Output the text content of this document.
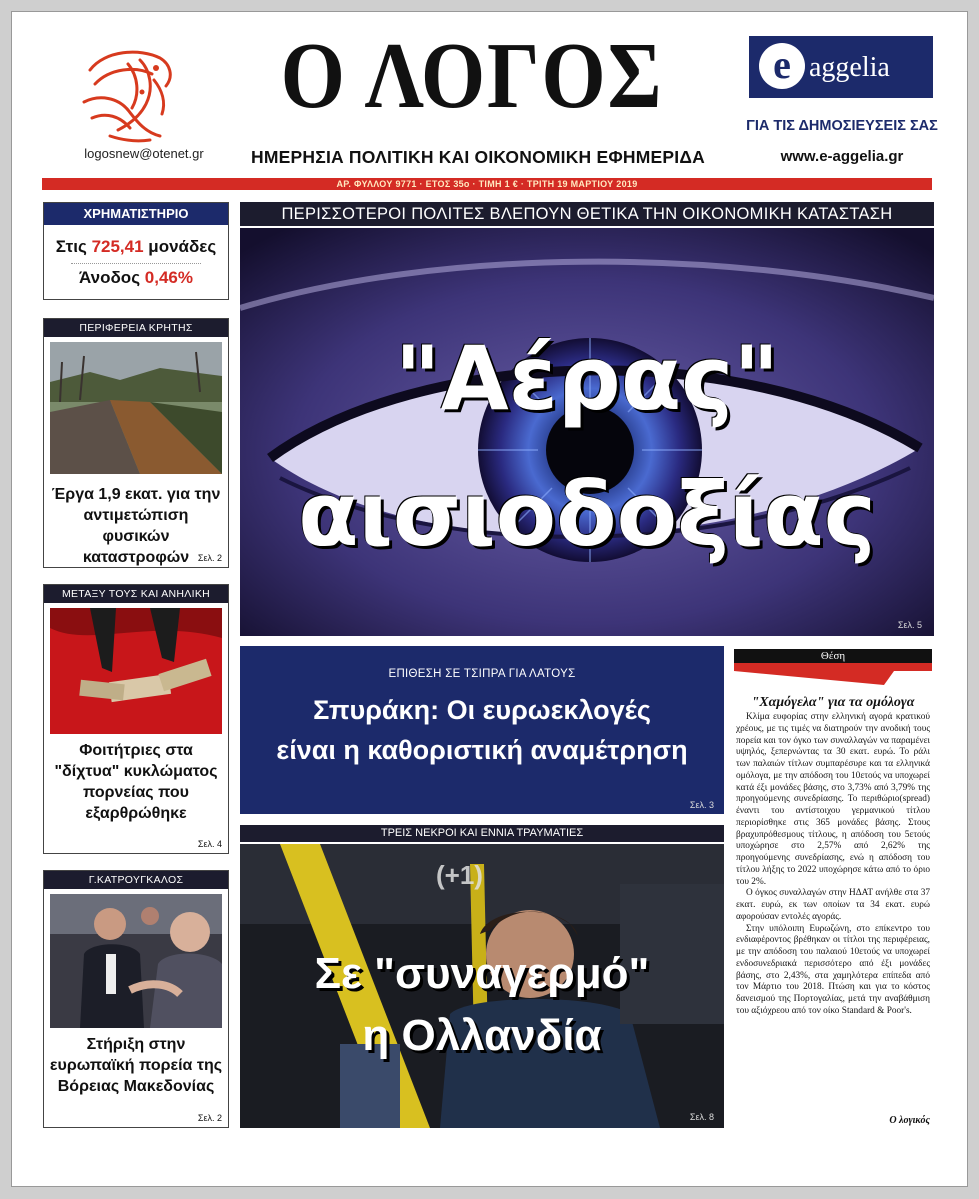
logosnew@otenet.gr
Ο ΛΟΓΟΣ
ΗΜΕΡΗΣΙΑ ΠΟΛΙΤΙΚΗ ΚΑΙ ΟΙΚΟΝΟΜΙΚΗ ΕΦΗΜΕΡΙΔΑ
e aggelia
ΓΙΑ ΤΙΣ ΔΗΜΟΣΙΕΥΣΕΙΣ ΣΑΣ
www.e-aggelia.gr
ΑΡ. ΦΥΛΛΟΥ 9771 · ΕΤΟΣ 35ο · ΤΙΜΗ 1 € · ΤΡΙΤΗ 19 ΜΑΡΤΙΟΥ 2019
ΧΡΗΜΑΤΙΣΤΗΡΙΟ
Στις 725,41 μονάδες
Άνοδος 0,46%
ΠΕΡΙΦΕΡΕΙΑ ΚΡΗΤΗΣ
Έργα 1,9 εκατ. για την αντιμετώπιση φυσικών καταστροφών Σελ. 2
ΜΕΤΑΞΥ ΤΟΥΣ ΚΑΙ ΑΝΗΛΙΚΗ
Φοιτήτριες στα "δίχτυα" κυκλώματος πορνείας που εξαρθρώθηκε
Σελ. 4
Γ.ΚΑΤΡΟΥΓΚΑΛΟΣ
Στήριξη στην ευρωπαϊκή πορεία της Βόρειας Μακεδονίας
Σελ. 2
ΠΕΡΙΣΣΟΤΕΡΟΙ ΠΟΛΙΤΕΣ ΒΛΕΠΟΥΝ ΘΕΤΙΚΑ ΤΗΝ ΟΙΚΟΝΟΜΙΚΗ ΚΑΤΑΣΤΑΣΗ
"Αέρας"
αισιοδοξίας
Σελ. 5
ΕΠΙΘΕΣΗ ΣΕ ΤΣΙΠΡΑ ΓΙΑ ΛΑΤΟΥΣ
Σπυράκη: Οι ευρωεκλογές
είναι η καθοριστική αναμέτρηση
Σελ. 3
ΤΡΕΙΣ ΝΕΚΡΟΙ ΚΑΙ ΕΝΝΙΑ ΤΡΑΥΜΑΤΙΕΣ
(+1)
Σε "συναγερμό"
η Ολλανδία
Σελ. 8
Θέση
"Χαμόγελα" για τα ομόλογα
Κλίμα ευφορίας στην ελληνική αγορά κρατικού χρέους, με τις τιμές να διατηρούν την ανοδική τους πορεία και τον όγκο των συναλλαγών να παραμένει υψηλός, ξεπερνώντας τα 30 εκατ. ευρώ. Το ράλι των παλαιών τίτλων συμπαρέσυρε και τα ελληνικά ομόλογα, με την απόδοση του 10ετούς να υποχωρεί κατά έξι μονάδες βάσης, στο 3,73% από 3,79% της προηγούμενης συνεδρίασης. Το περιθώριο(spread) έναντι του αντίστοιχου γερμανικού τίτλου περιορίσθηκε στις 365 μονάδες βάσης. Στους βραχυπρόθεσμους τίτλους, η απόδοση του 5ετούς υποχώρησε στο 2,57% από 2,62% της προηγούμενης συνεδρίασης, ενώ η απόδοση του τίτλου λήξης το 2022 υποχώρησε κάτω από το όριο του 2%.
Ο όγκος συναλλαγών στην ΗΔΑΤ ανήλθε στα 37 εκατ. ευρώ, εκ των οποίων τα 34 εκατ. ευρώ αφορούσαν εντολές αγοράς.
Στην υπόλοιπη Ευρωζώνη, στο επίκεντρο του ενδιαφέροντος βρέθηκαν οι τίτλοι της περιφέρειας, με την απόδοση του παλαιού 10ετούς να υποχωρεί ενδοσυνεδριακά περισσότερο από έξι μονάδες βάσης, στο 2,43%, στα χαμηλότερα επίπεδα από τον Μάρτιο του 2018. Πτώση και για το κόστος δανεισμού της Πορτογαλίας, μετά την αναβάθμιση του αξιόχρεου από τον οίκο Standard & Poor's.
Ο λογικός
